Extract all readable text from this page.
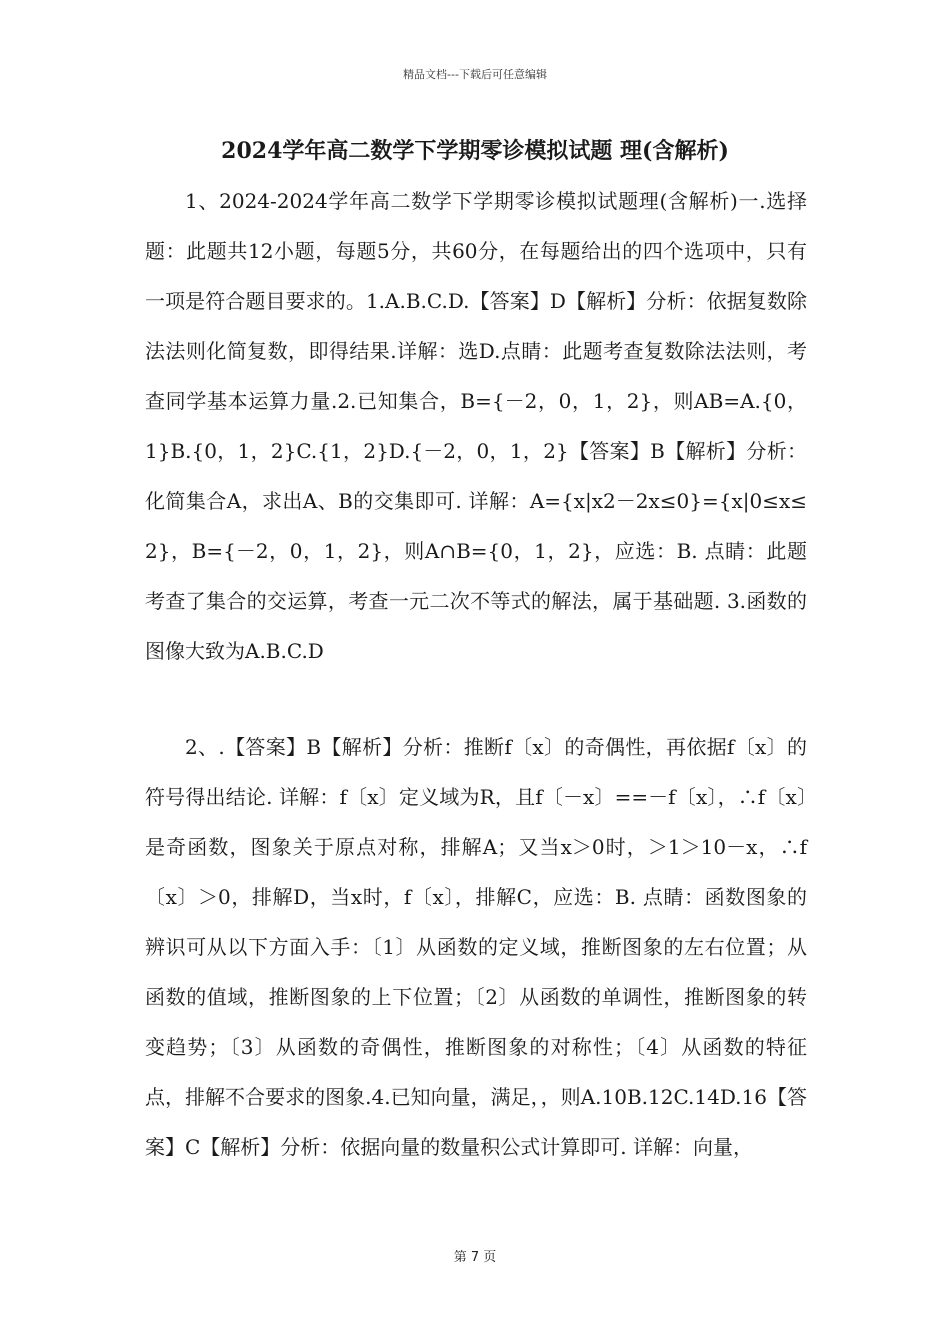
精品文档---下载后可任意编辑
2024学年高二数学下学期零诊模拟试题 理(含解析)

1、2024-2024学年高二数学下学期零诊模拟试题理(含解析)一.选择题：此题共12小题，每题5分，共60分，在每题给出的四个选项中，只有一项是符合题目要求的。1.A.B.C.D.【答案】D【解析】分析：依据复数除法法则化简复数，即得结果.详解：选D.点睛：此题考查复数除法法则，考查同学基本运算力量.2.已知集合，B={－2，0，1，2}，则AB=A.{0，1}B.{0，1，2}C.{1，2}D.{－2，0，1，2}【答案】B【解析】分析：化简集合A，求出A、B的交集即可. 详解：A={x|x2－2x≤0}={x|0≤x≤2}，B={－2，0，1，2}，则A∩B={0，1，2}，应选：B. 点睛：此题考查了集合的交运算，考查一元二次不等式的解法，属于基础题. 3.函数的图像大致为A.B.C.D

2、.【答案】B【解析】分析：推断f〔x〕的奇偶性，再依据f〔x〕的符号得出结论. 详解：f〔x〕定义域为R，且f〔－x〕==－f〔x〕，∴f〔x〕是奇函数，图象关于原点对称，排解A；又当x＞0时，＞1＞10－x，∴f〔x〕＞0，排解D，当x时，f〔x〕，排解C，应选：B. 点睛：函数图象的辨识可从以下方面入手：〔1〕从函数的定义域，推断图象的左右位置；从函数的值域，推断图象的上下位置；〔2〕从函数的单调性，推断图象的转变趋势；〔3〕从函数的奇偶性，推断图象的对称性；〔4〕从函数的特征点，排解不合要求的图象.4.已知向量，满足，，则A.10B.12C.14D.16【答案】C【解析】分析：依据向量的数量积公式计算即可. 详解：向量，

第 7 页
